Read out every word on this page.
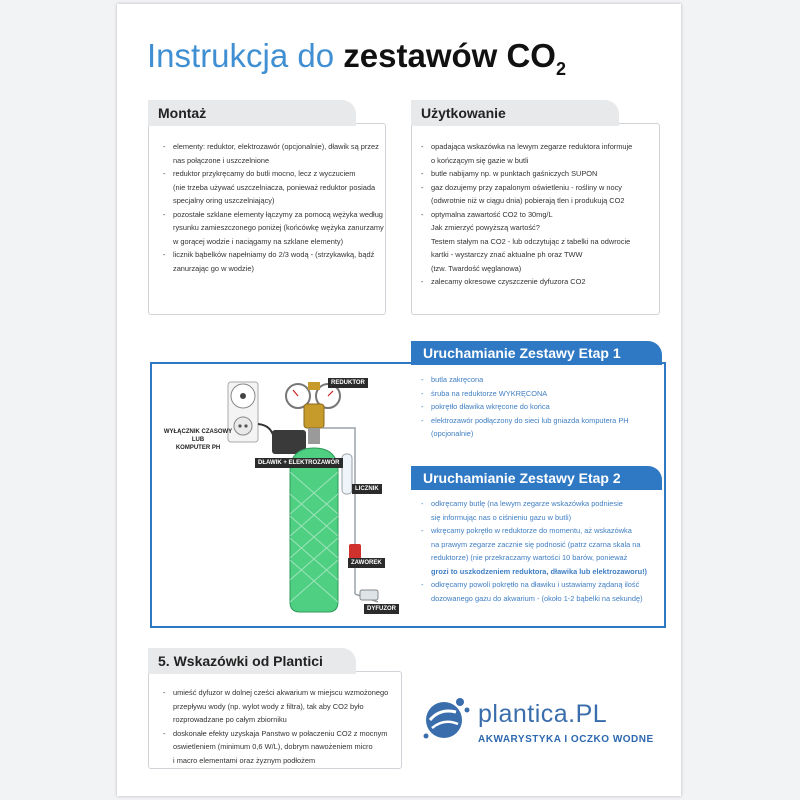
Instrukcja do zestawów $CO_2$
Montaż
- elementy: reduktor, elektrozawór (opcjonalnie), dławik są przez
nas połączone i uszczelnione
- reduktor przykręcamy do butli mocno, lecz z wyczuciem
(nie trzeba używać uszczelniacza, ponieważ reduktor posiada
specjalny oring uszczelniający)
- pozostałe szklane elementy łączymy za pomocą wężyka według
rysunku zamieszczonego poniżej (końcówkę wężyka zanurzamy
w gorącej wodzie i naciągamy na szklane elementy)
- licznik bąbelków napełniamy do 2/3 wodą - (strzykawką, bądź
zanurzając go w wodzie)
Użytkowanie
- opadająca wskazówka na lewym zegarze reduktora informuje
o kończącym się gazie w butli
- butle nabijamy np. w punktach gaśniczych SUPON
- gaz dozujemy przy zapalonym oświetleniu - rośliny w nocy
(odwrotnie niż w ciągu dnia) pobierają tlen i produkują CO2
- optymalna zawartość CO2 to 30mg/L
Jak zmierzyć powyższą wartość?
Testem stałym na CO2 - lub odczytując z tabelki na odwrocie
kartki - wystarczy znać aktualne ph oraz TWW
(tzw. Twardość węglanowa)
- zalecamy okresowe czyszczenie dyfuzora CO2
Uruchamianie Zestawy Etap 1
- butla zakręcona
- śruba na reduktorze WYKRĘCONA
- pokrętło dławika wkręcone do końca
- elektrozawór podłączony do sieci lub gniazda komputera PH
(opcjonalnie)
Uruchamianie Zestawy Etap 2
- odkręcamy butlę (na lewym zegarze wskazówka podniesie
się informując nas o ciśnieniu gazu w butli)
- wkręcamy pokrętło w reduktorze do momentu, aż wskazówka
na prawym zegarze zacznie się podnosić (patrz czarna skala na
reduktorze) (nie przekraczamy wartości 10 barów, ponieważ
grozi to uszkodzeniem reduktora, dławika lub elektrozaworu!)
- odkręcamy powoli pokrętło na dławiku i ustawiamy żądaną ilość
dozowanego gazu do akwarium - (około 1-2 bąbelki na sekundę)
REDUKTOR
WYŁĄCZNIK CZASOWY
LUB
KOMPUTER PH
DŁAWIK + ELEKTROZAWÓR
LICZNIK
ZAWOREK
DYFUZOR
5. Wskazówki od Plantici
- umieść dyfuzor w dolnej cześci akwarium w miejscu wzmożonego
przepływu wody (np. wylot wody z filtra), tak aby CO2 było
rozprowadzane po całym zbiorniku
- doskonałe efekty uzyskaja Panstwo w połaczeniu CO2 z mocnym
oswietleniem (minimum 0,6 W/L), dobrym nawożeniem micro
i macro elementami oraz żyznym podłożem
plantica.PL
AKWARYSTYKA I OCZKO WODNE
